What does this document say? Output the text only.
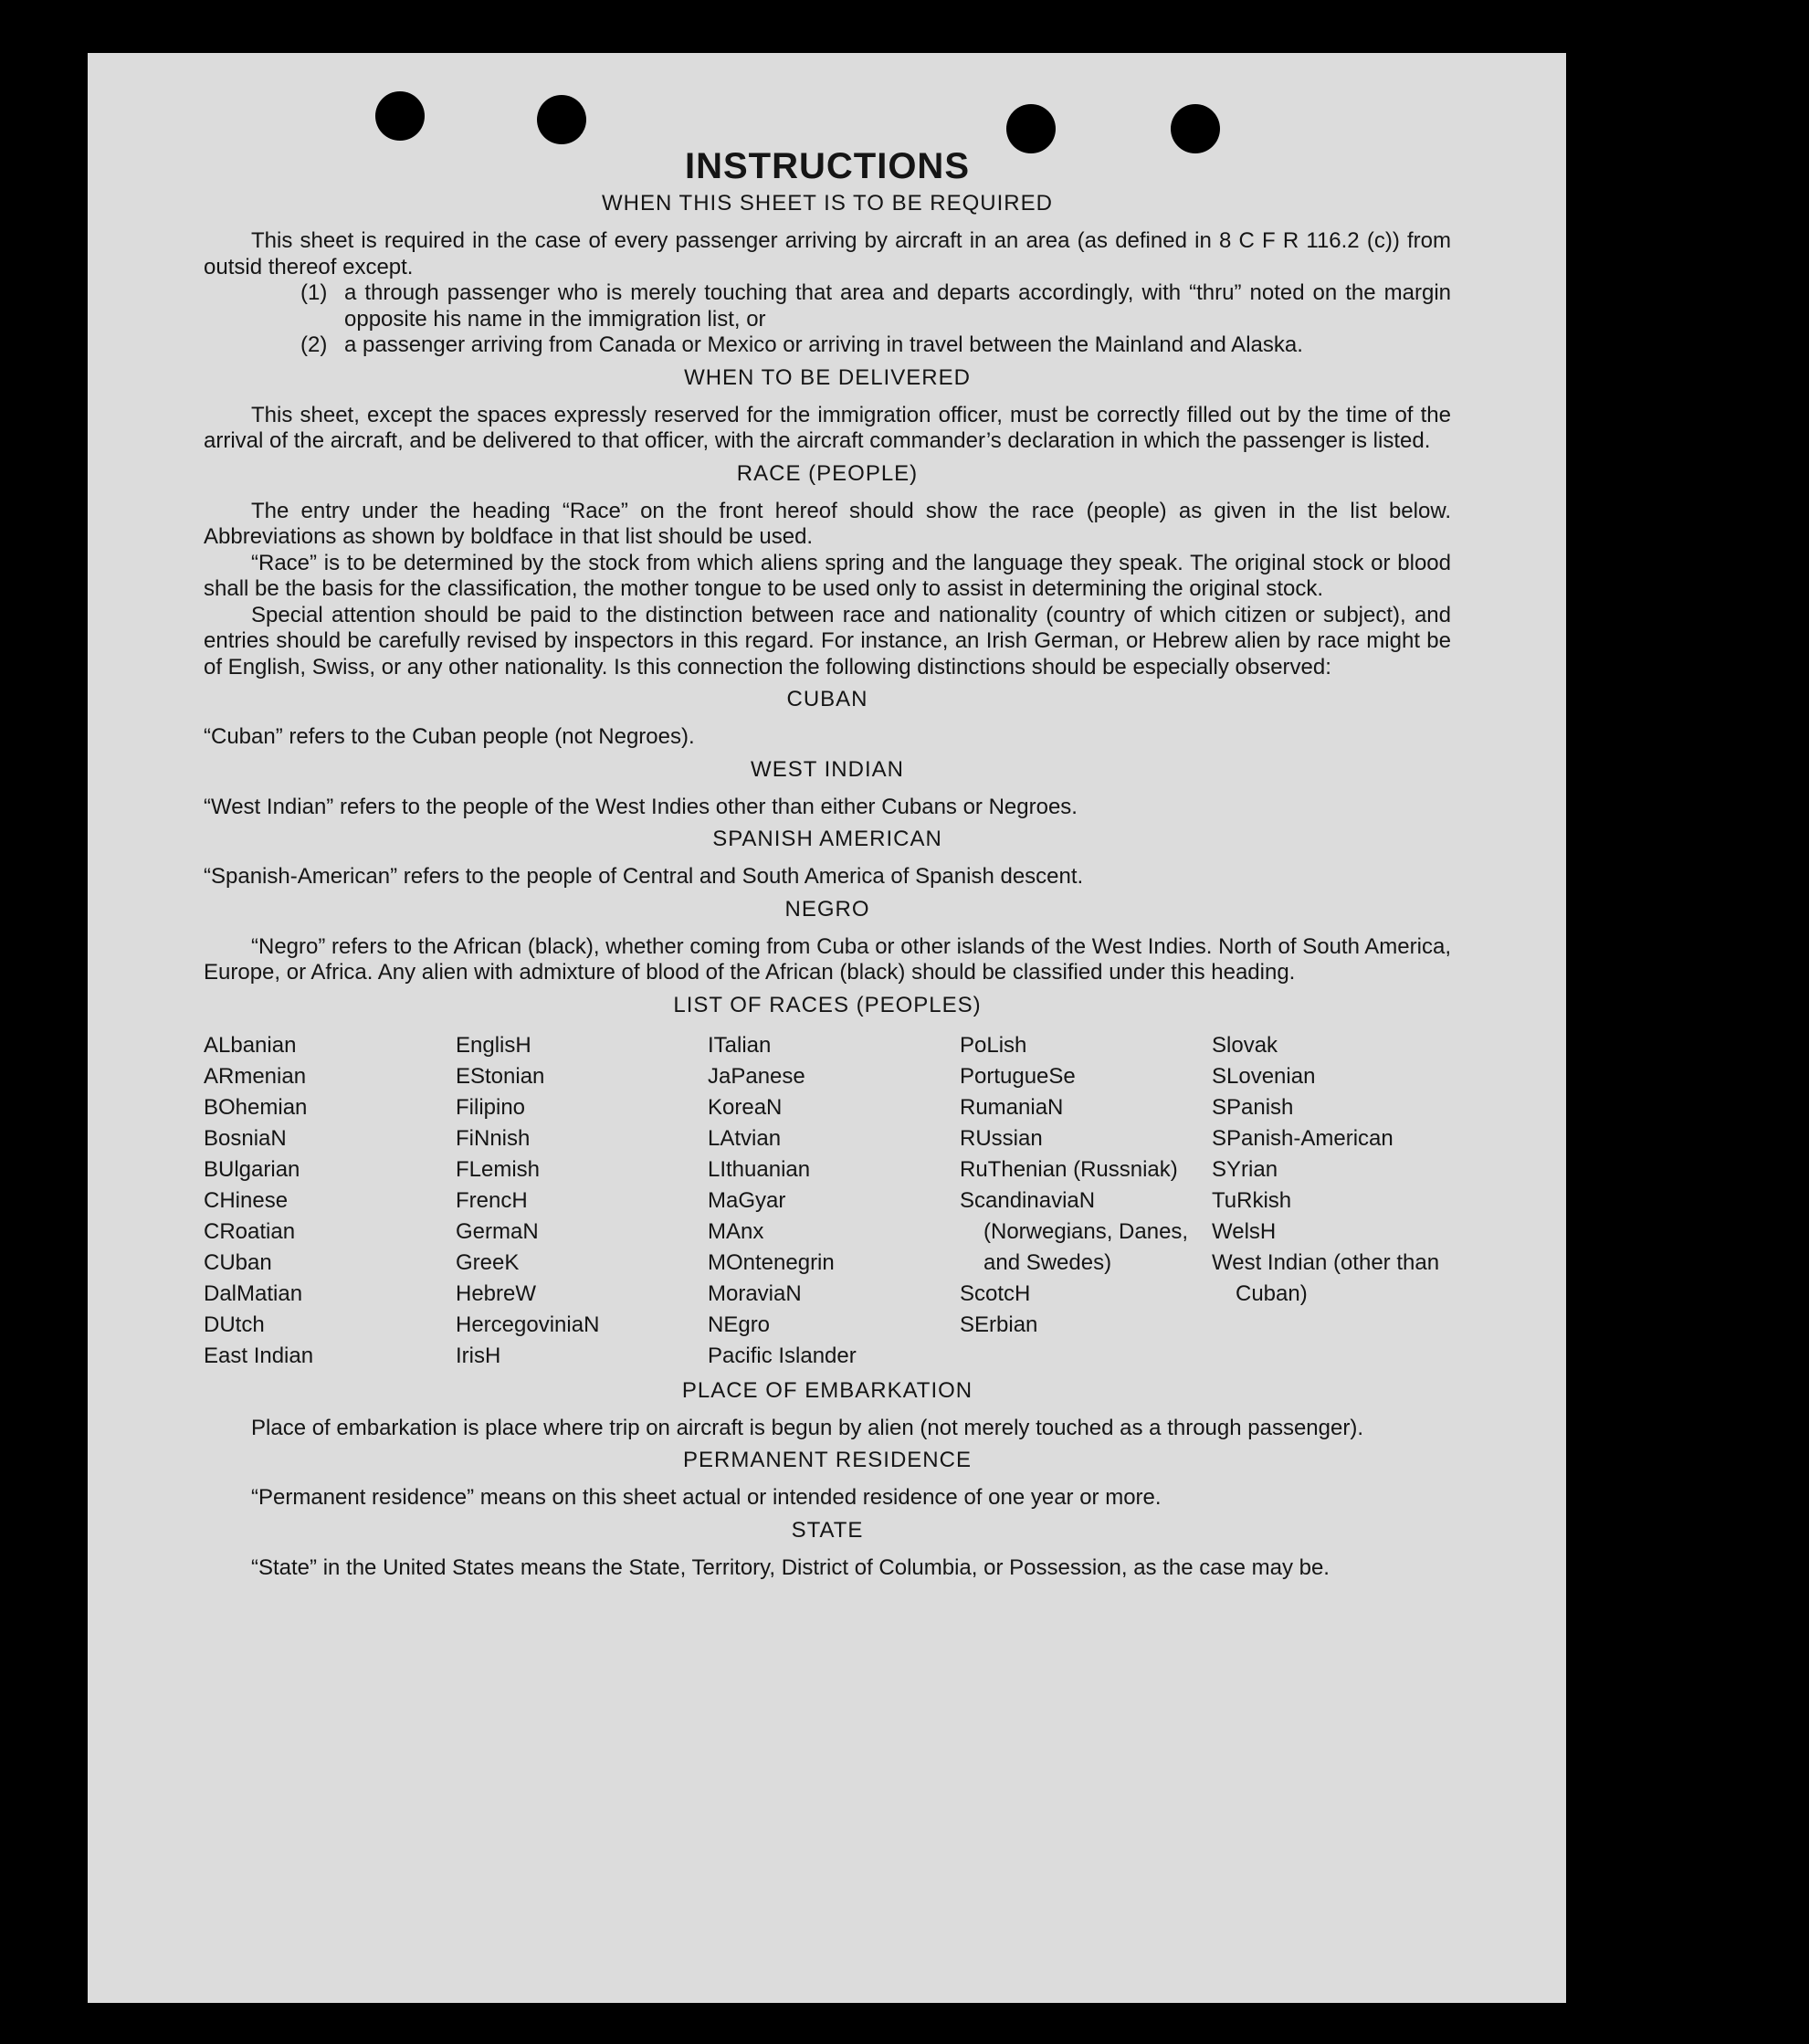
INSTRUCTIONS
WHEN THIS SHEET IS TO BE REQUIRED

This sheet is required in the case of every passenger arriving by aircraft in an area (as defined in 8 C F R 116.2 (c)) from outsid thereof except.

(1) a through passenger who is merely touching that area and departs accordingly, with “thru” noted on the margin opposite his name in the immigration list, or
(2) a passenger arriving from Canada or Mexico or arriving in travel between the Mainland and Alaska.
WHEN TO BE DELIVERED

This sheet, except the spaces expressly reserved for the immigration officer, must be correctly filled out by the time of the arrival of the aircraft, and be delivered to that officer, with the aircraft commander’s declaration in which the passenger is listed.

RACE (PEOPLE)

The entry under the heading “Race” on the front hereof should show the race (people) as given in the list below. Abbreviations as shown by boldface in that list should be used.

“Race” is to be determined by the stock from which aliens spring and the language they speak. The original stock or blood shall be the basis for the classification, the mother tongue to be used only to assist in determining the original stock.

Special attention should be paid to the distinction between race and nationality (country of which citizen or subject), and entries should be carefully revised by inspectors in this regard. For instance, an Irish German, or Hebrew alien by race might be of English, Swiss, or any other nationality. Is this connection the following distinctions should be especially observed:

CUBAN

“Cuban” refers to the Cuban people (not Negroes).

WEST INDIAN

“West Indian” refers to the people of the West Indies other than either Cubans or Negroes.

SPANISH AMERICAN

“Spanish-American” refers to the people of Central and South America of Spanish descent.

NEGRO

“Negro” refers to the African (black), whether coming from Cuba or other islands of the West Indies. North of South America, Europe, or Africa. Any alien with admixture of blood of the African (black) should be classified under this heading.

LIST OF RACES (PEOPLES)
ALbanian
ARmenian
BOhemian
BosniaN
BUlgarian
CHinese
CRoatian
CUban
DalMatian
DUtch
East Indian
EnglisH
EStonian
Filipino
FiNnish
FLemish
FrencH
GermaN
GreeK
HebreW
HercegoviniaN
IrisH
ITalian
JaPanese
KoreaN
LAtvian
LIthuanian
MaGyar
MAnx
MOntenegrin
MoraviaN
NEgro
Pacific Islander
PoLish
PortugueSe
RumaniaN
RUssian
RuThenian (Russniak)
ScandinaviaN (Norwegians, Danes, and Swedes)
ScotcH
SErbian
Slovak
SLovenian
SPanish
SPanish-American
SYrian
TuRkish
WelsH
West Indian (other than Cuban)
PLACE OF EMBARKATION

Place of embarkation is place where trip on aircraft is begun by alien (not merely touched as a through passenger).

PERMANENT RESIDENCE

“Permanent residence” means on this sheet actual or intended residence of one year or more.

STATE

“State” in the United States means the State, Territory, District of Columbia, or Possession, as the case may be.
